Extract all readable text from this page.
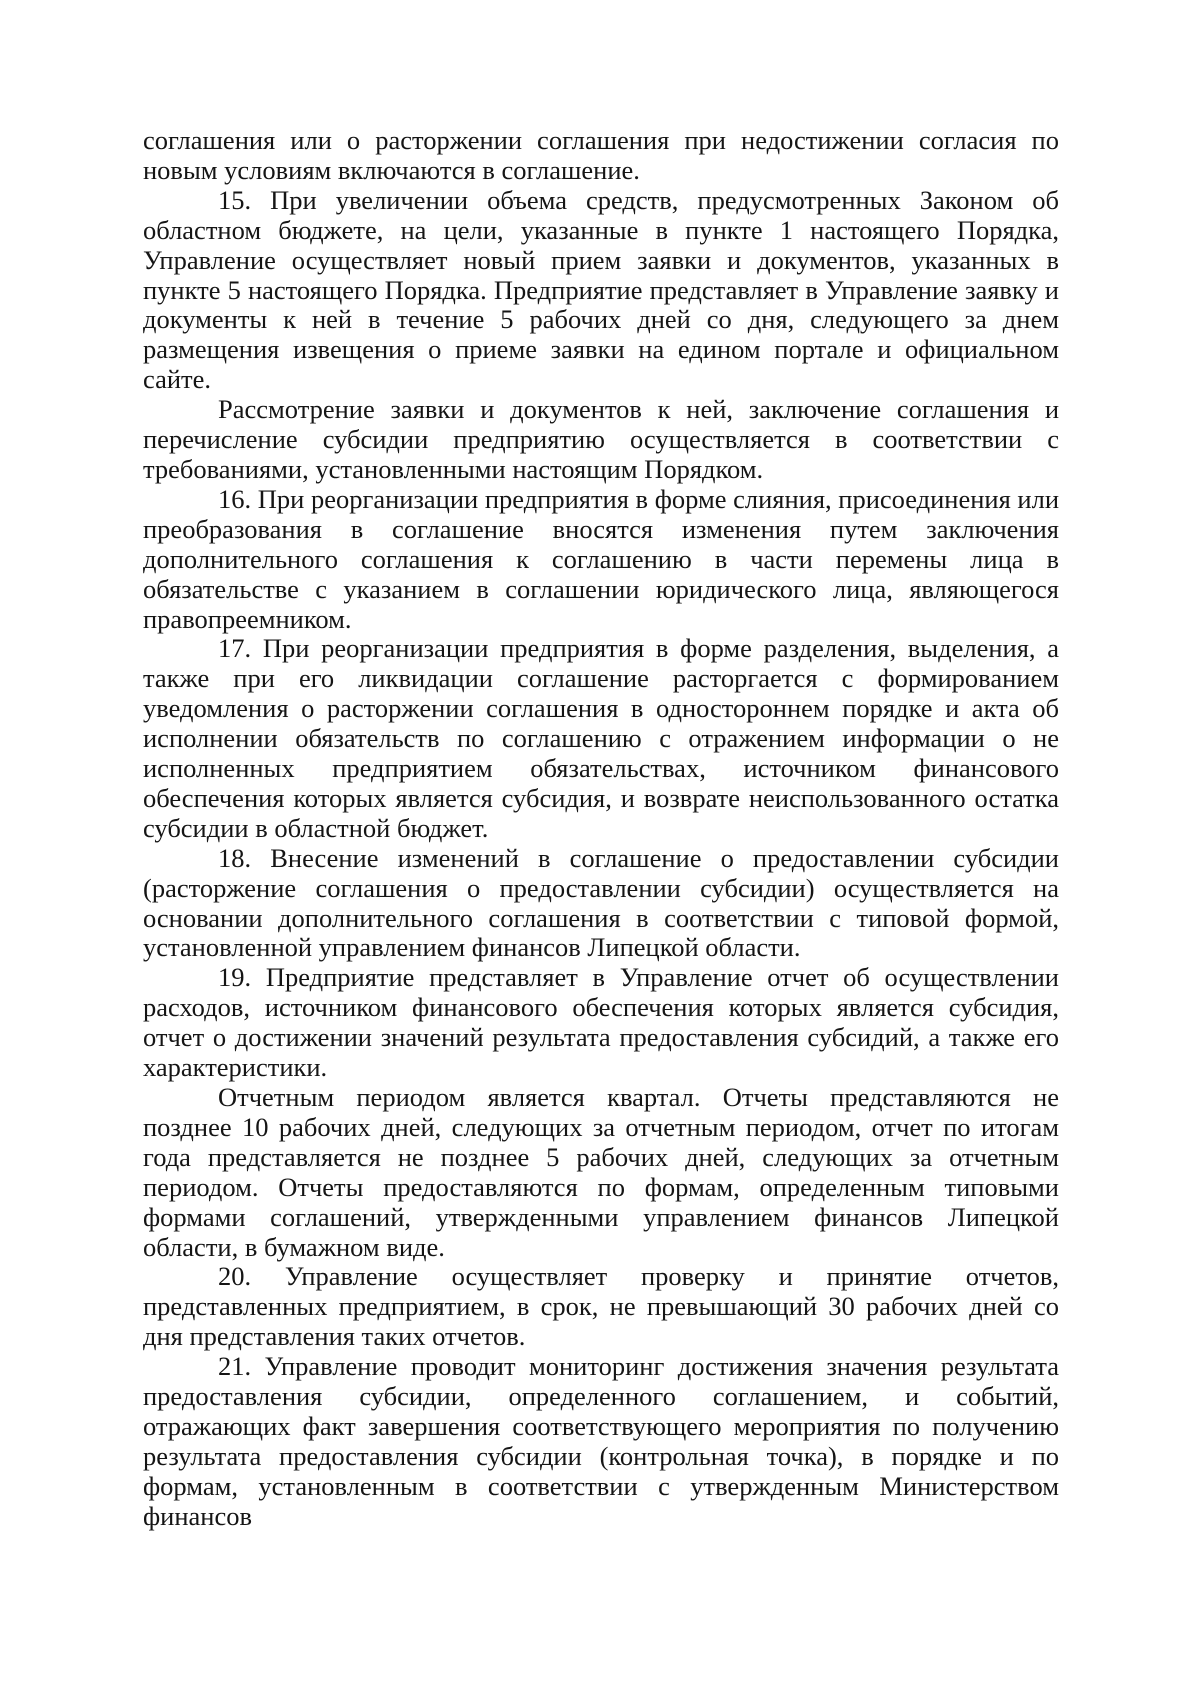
соглашения или о расторжении соглашения при недостижении согласия по новым условиям включаются в соглашение.

15. При увеличении объема средств, предусмотренных Законом об областном бюджете, на цели, указанные в пункте 1 настоящего Порядка, Управление осуществляет новый прием заявки и документов, указанных в пункте 5 настоящего Порядка. Предприятие представляет в Управление заявку и документы к ней в течение 5 рабочих дней со дня, следующего за днем размещения извещения о приеме заявки на едином портале и официальном сайте.

Рассмотрение заявки и документов к ней, заключение соглашения и перечисление субсидии предприятию осуществляется в соответствии с требованиями, установленными настоящим Порядком.

16. При реорганизации предприятия в форме слияния, присоединения или преобразования в соглашение вносятся изменения путем заключения дополнительного соглашения к соглашению в части перемены лица в обязательстве с указанием в соглашении юридического лица, являющегося правопреемником.

17. При реорганизации предприятия в форме разделения, выделения, а также при его ликвидации соглашение расторгается с формированием уведомления о расторжении соглашения в одностороннем порядке и акта об исполнении обязательств по соглашению с отражением информации о не исполненных предприятием обязательствах, источником финансового обеспечения которых является субсидия, и возврате неиспользованного остатка субсидии в областной бюджет.

18. Внесение изменений в соглашение о предоставлении субсидии (расторжение соглашения о предоставлении субсидии) осуществляется на основании дополнительного соглашения в соответствии с типовой формой, установленной управлением финансов Липецкой области.

19. Предприятие представляет в Управление отчет об осуществлении расходов, источником финансового обеспечения которых является субсидия, отчет о достижении значений результата предоставления субсидий, а также его характеристики.

Отчетным периодом является квартал. Отчеты представляются не позднее 10 рабочих дней, следующих за отчетным периодом, отчет по итогам года представляется не позднее 5 рабочих дней, следующих за отчетным периодом. Отчеты предоставляются по формам, определенным типовыми формами соглашений, утвержденными управлением финансов Липецкой области, в бумажном виде.

20. Управление осуществляет проверку и принятие отчетов, представленных предприятием, в срок, не превышающий 30 рабочих дней со дня представления таких отчетов.

21. Управление проводит мониторинг достижения значения результата предоставления субсидии, определенного соглашением, и событий, отражающих факт завершения соответствующего мероприятия по получению результата предоставления субсидии (контрольная точка), в порядке и по формам, установленным в соответствии с утвержденным Министерством финансов
